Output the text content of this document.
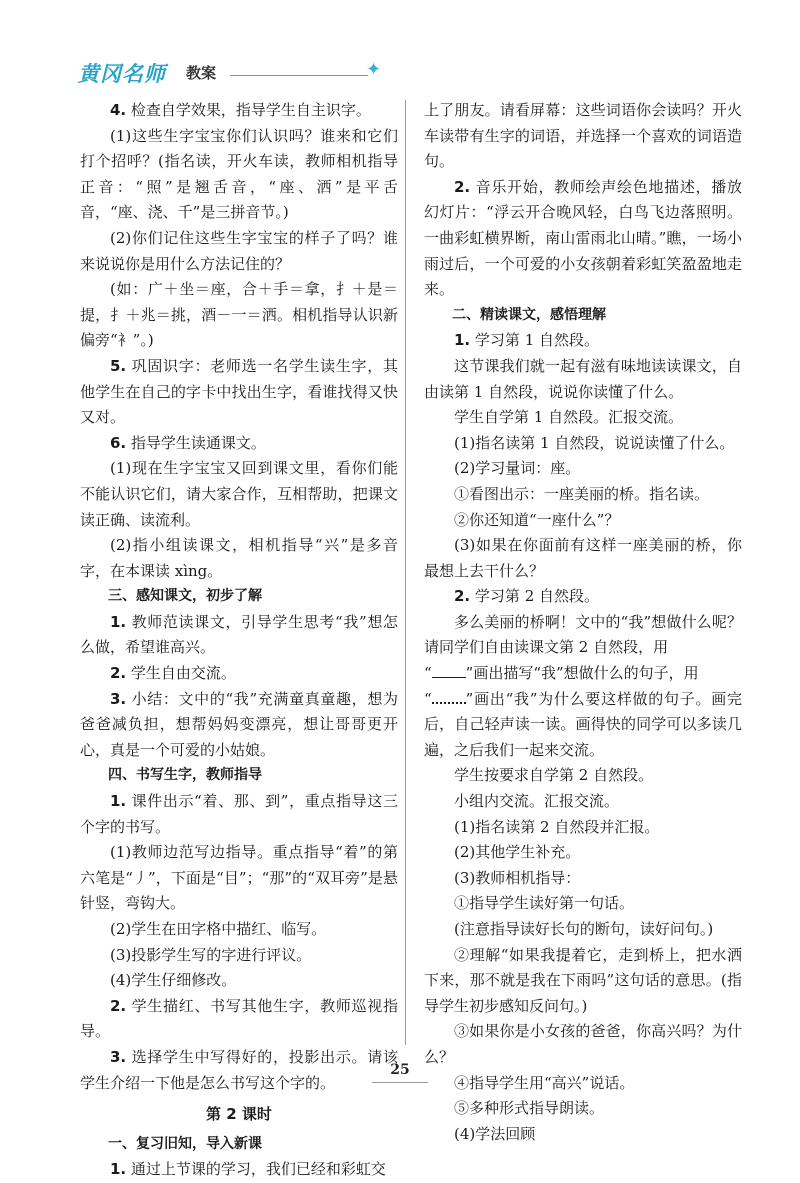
黄冈名师 教案	✦

4. 检查自学效果，指导学生自主识字。

(1)这些生字宝宝你们认识吗？谁来和它们打个招呼？(指名读，开火车读，教师相机指导正音：“照”是翘舌音，“座、洒”是平舌音，“座、浇、千”是三拼音节。)

(2)你们记住这些生字宝宝的样子了吗？谁来说说你是用什么方法记住的？

(如：广＋坐＝座，合＋手＝拿，扌＋是＝提，扌＋兆＝挑，酒－一＝洒。相机指导认识新偏旁“衤”。)

5. 巩固识字：老师选一名学生读生字，其他学生在自己的字卡中找出生字，看谁找得又快又对。

6. 指导学生读通课文。

(1)现在生字宝宝又回到课文里，看你们能不能认识它们，请大家合作，互相帮助，把课文读正确、读流利。

(2)指小组读课文，相机指导“兴”是多音字，在本课读 xìng。

三、感知课文，初步了解

1. 教师范读课文，引导学生思考“我”想怎么做，希望谁高兴。

2. 学生自由交流。

3. 小结：文中的“我”充满童真童趣，想为爸爸减负担，想帮妈妈变漂亮，想让哥哥更开心，真是一个可爱的小姑娘。

四、书写生字，教师指导

1. 课件出示“着、那、到”，重点指导这三个字的书写。

(1)教师边范写边指导。重点指导“着”的第六笔是“丿”，下面是“目”；“那”的“双耳旁”是悬针竖，弯钩大。

(2)学生在田字格中描红、临写。

(3)投影学生写的字进行评议。

(4)学生仔细修改。

2. 学生描红、书写其他生字，教师巡视指导。

3. 选择学生中写得好的，投影出示。请该学生介绍一下他是怎么书写这个字的。

第 2 课时

一、复习旧知，导入新课

1. 通过上节课的学习，我们已经和彩虹交

上了朋友。请看屏幕：这些词语你会读吗？开火车读带有生字的词语，并选择一个喜欢的词语造句。

2. 音乐开始，教师绘声绘色地描述，播放幻灯片：“浮云开合晚风轻，白鸟飞边落照明。一曲彩虹横界断，南山雷雨北山晴。”瞧，一场小雨过后，一个可爱的小女孩朝着彩虹笑盈盈地走来。

二、精读课文，感悟理解

1. 学习第 1 自然段。

这节课我们就一起有滋有味地读读课文，自由读第 1 自然段，说说你读懂了什么。

学生自学第 1 自然段。汇报交流。

(1)指名读第 1 自然段，说说读懂了什么。

(2)学习量词：座。

①看图出示：一座美丽的桥。指名读。

②你还知道“一座什么”？

(3)如果在你面前有这样一座美丽的桥，你最想上去干什么？

2. 学习第 2 自然段。

多么美丽的桥啊！文中的“我”想做什么呢？请同学们自由读课文第 2 自然段，用
“ ”画出描写“我”想做什么的句子，用
“ ”画出“我”为什么要这样做的句子。画完后，自己轻声读一读。画得快的同学可以多读几遍，之后我们一起来交流。

学生按要求自学第 2 自然段。

小组内交流。汇报交流。

(1)指名读第 2 自然段并汇报。

(2)其他学生补充。

(3)教师相机指导：

①指导学生读好第一句话。

(注意指导读好长句的断句，读好问句。)

②理解“如果我提着它，走到桥上，把水洒下来，那不就是我在下雨吗”这句话的意思。(指导学生初步感知反问句。)

③如果你是小女孩的爸爸，你高兴吗？为什么？

④指导学生用“高兴”说话。

⑤多种形式指导朗读。

(4)学法回顾

25
